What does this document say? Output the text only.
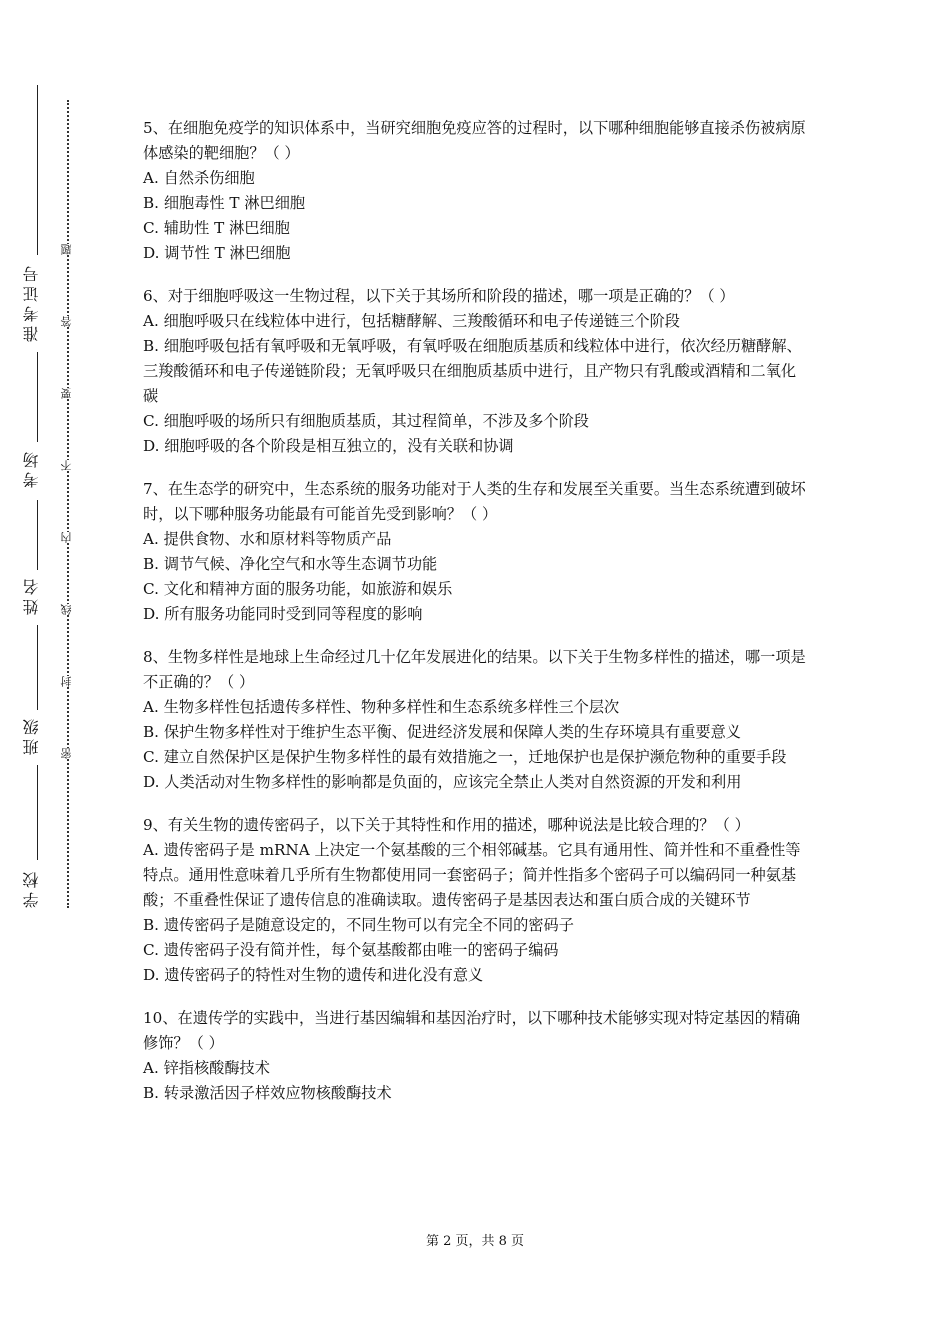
准考证号
考场
姓名
班级
学校
题
答
要
不
内
线
封
密

5、在细胞免疫学的知识体系中，当研究细胞免疫应答的过程时，以下哪种细胞能够直接杀伤被病原体感染的靶细胞？（ ）

A. 自然杀伤细胞

B. 细胞毒性 T 淋巴细胞

C. 辅助性 T 淋巴细胞

D. 调节性 T 淋巴细胞

6、对于细胞呼吸这一生物过程，以下关于其场所和阶段的描述，哪一项是正确的？（ ）

A. 细胞呼吸只在线粒体中进行，包括糖酵解、三羧酸循环和电子传递链三个阶段

B. 细胞呼吸包括有氧呼吸和无氧呼吸，有氧呼吸在细胞质基质和线粒体中进行，依次经历糖酵解、三羧酸循环和电子传递链阶段；无氧呼吸只在细胞质基质中进行，且产物只有乳酸或酒精和二氧化碳

C. 细胞呼吸的场所只有细胞质基质，其过程简单，不涉及多个阶段

D. 细胞呼吸的各个阶段是相互独立的，没有关联和协调

7、在生态学的研究中，生态系统的服务功能对于人类的生存和发展至关重要。当生态系统遭到破坏时，以下哪种服务功能最有可能首先受到影响？（ ）

A. 提供食物、水和原材料等物质产品

B. 调节气候、净化空气和水等生态调节功能

C. 文化和精神方面的服务功能，如旅游和娱乐

D. 所有服务功能同时受到同等程度的影响

8、生物多样性是地球上生命经过几十亿年发展进化的结果。以下关于生物多样性的描述，哪一项是不正确的？（ ）

A. 生物多样性包括遗传多样性、物种多样性和生态系统多样性三个层次

B. 保护生物多样性对于维护生态平衡、促进经济发展和保障人类的生存环境具有重要意义

C. 建立自然保护区是保护生物多样性的最有效措施之一，迁地保护也是保护濒危物种的重要手段

D. 人类活动对生物多样性的影响都是负面的，应该完全禁止人类对自然资源的开发和利用

9、有关生物的遗传密码子，以下关于其特性和作用的描述，哪种说法是比较合理的？（ ）

A. 遗传密码子是 mRNA 上决定一个氨基酸的三个相邻碱基。它具有通用性、简并性和不重叠性等特点。通用性意味着几乎所有生物都使用同一套密码子；简并性指多个密码子可以编码同一种氨基酸；不重叠性保证了遗传信息的准确读取。遗传密码子是基因表达和蛋白质合成的关键环节

B. 遗传密码子是随意设定的，不同生物可以有完全不同的密码子

C. 遗传密码子没有简并性，每个氨基酸都由唯一的密码子编码

D. 遗传密码子的特性对生物的遗传和进化没有意义

10、在遗传学的实践中，当进行基因编辑和基因治疗时，以下哪种技术能够实现对特定基因的精确修饰？（ ）

A. 锌指核酸酶技术

B. 转录激活因子样效应物核酸酶技术

第 2 页，共 8 页
